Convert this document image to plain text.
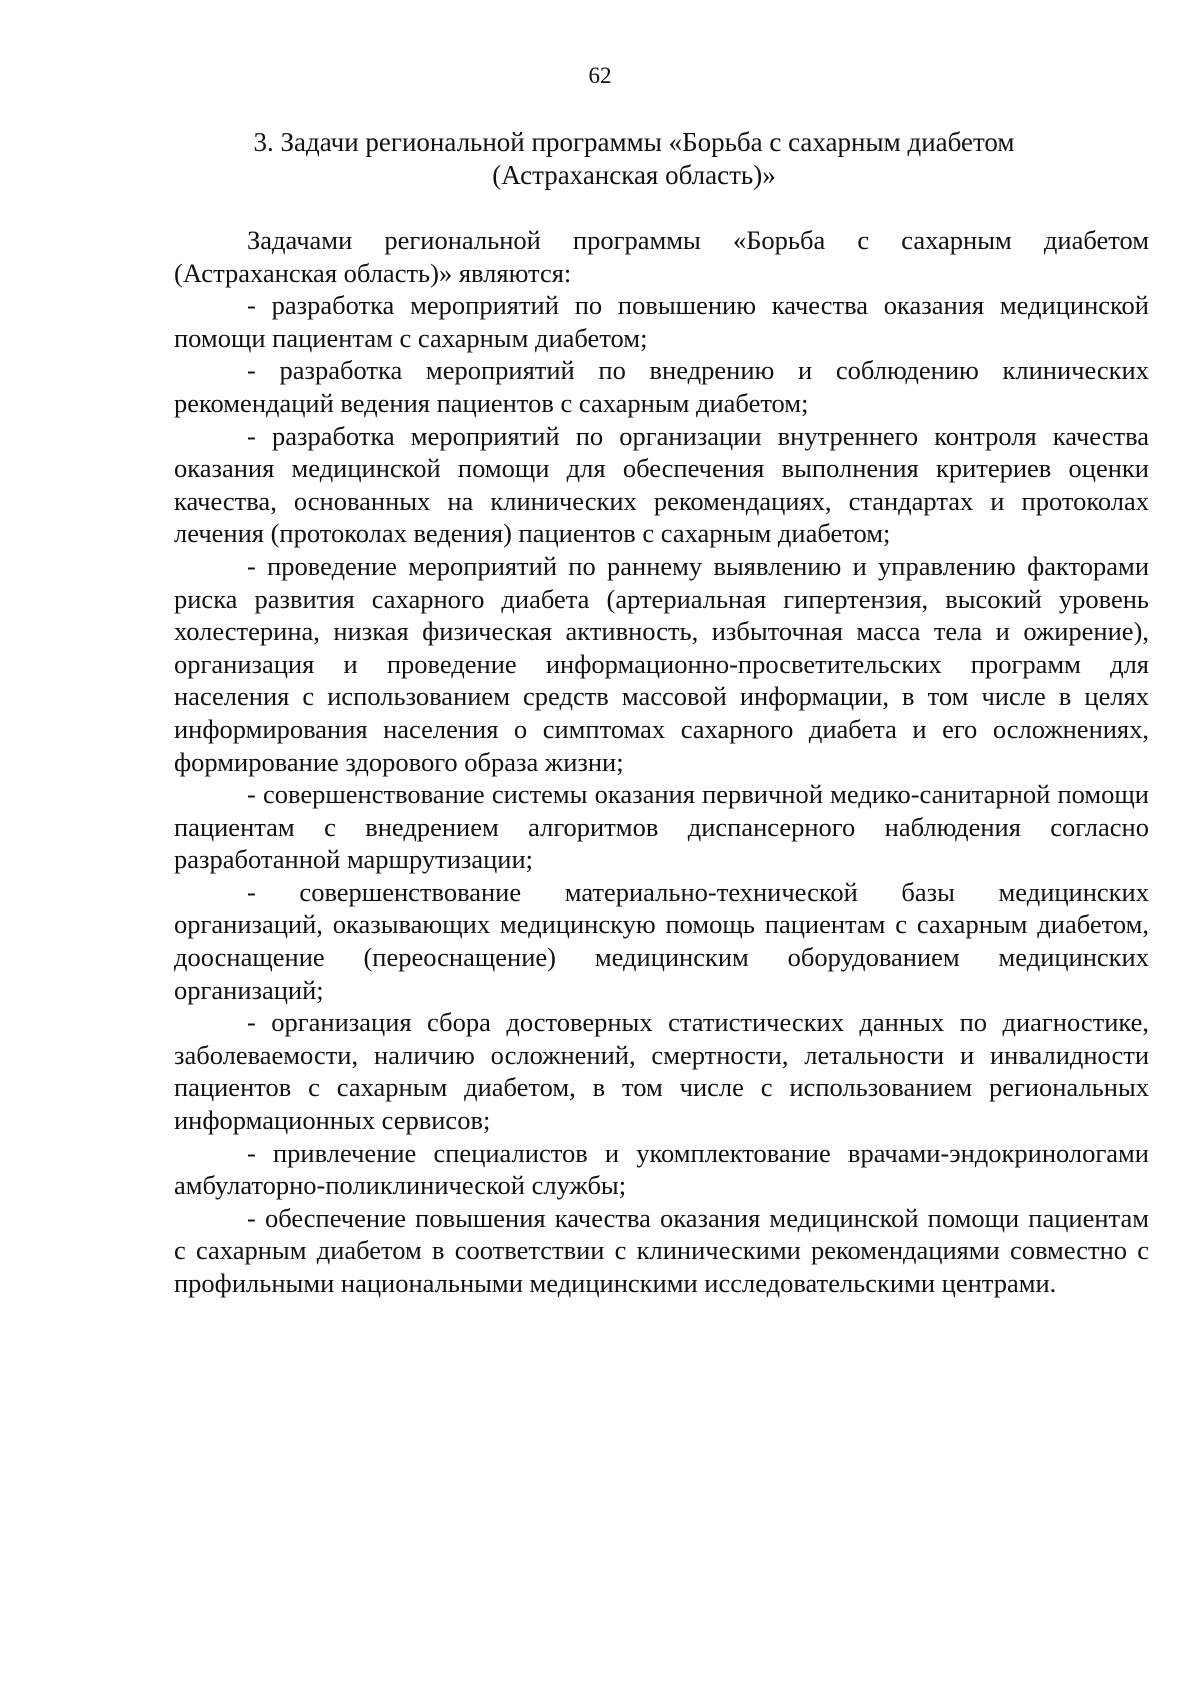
62
3. Задачи региональной программы «Борьба с сахарным диабетом (Астраханская область)»

Задачами региональной программы «Борьба с сахарным диабетом (Астраханская область)» являются:

- разработка мероприятий по повышению качества оказания медицинской помощи пациентам с сахарным диабетом;

- разработка мероприятий по внедрению и соблюдению клинических рекомендаций ведения пациентов с сахарным диабетом;

- разработка мероприятий по организации внутреннего контроля качества оказания медицинской помощи для обеспечения выполнения критериев оценки качества, основанных на клинических рекомендациях, стандартах и протоколах лечения (протоколах ведения) пациентов с сахарным диабетом;

- проведение мероприятий по раннему выявлению и управлению факторами риска развития сахарного диабета (артериальная гипертензия, высокий уровень холестерина, низкая физическая активность, избыточная масса тела и ожирение), организация и проведение информационно-просветительских программ для населения с использованием средств массовой информации, в том числе в целях информирования населения о симптомах сахарного диабета и его осложнениях, формирование здорового образа жизни;

- совершенствование системы оказания первичной медико-санитарной помощи пациентам с внедрением алгоритмов диспансерного наблюдения согласно разработанной маршрутизации;

- совершенствование материально-технической базы медицинских организаций, оказывающих медицинскую помощь пациентам с сахарным диабетом, дооснащение (переоснащение) медицинским оборудованием медицинских организаций;

- организация сбора достоверных статистических данных по диагностике, заболеваемости, наличию осложнений, смертности, летальности и инвалидности пациентов с сахарным диабетом, в том числе с использованием региональных информационных сервисов;

- привлечение специалистов и укомплектование врачами-эндокринологами амбулаторно-поликлинической службы;

- обеспечение повышения качества оказания медицинской помощи пациентам с сахарным диабетом в соответствии с клиническими рекомендациями совместно с профильными национальными медицинскими исследовательскими центрами.
